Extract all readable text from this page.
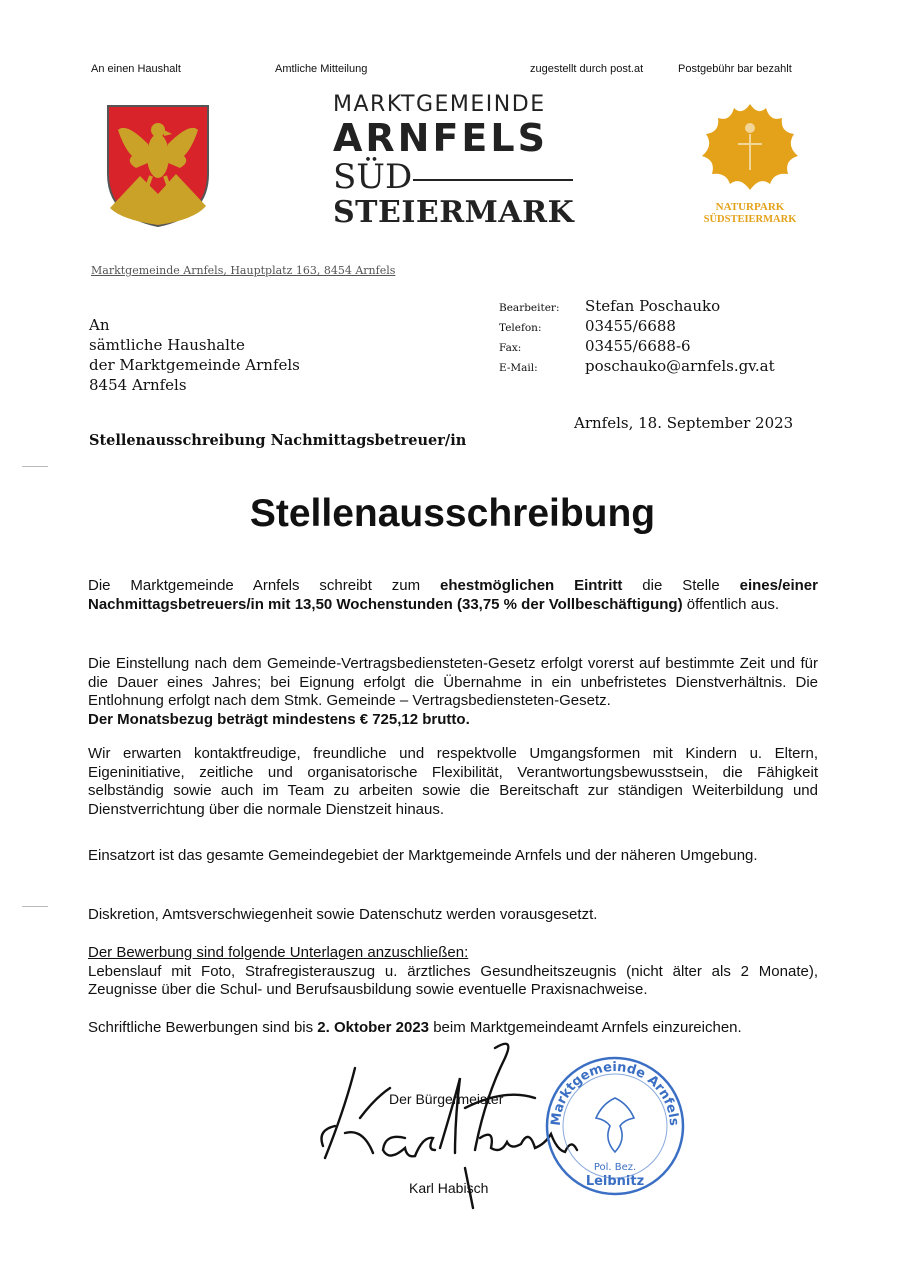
An einen Haushalt	Amtliche Mitteilung	zugestellt durch post.at	Postgebühr bar bezahlt
MARKTGEMEINDE
ARNFELS
SÜD
STEIERMARK	NATURPARK
SÜDSTEIERMARK
Marktgemeinde Arnfels, Hauptplatz 163, 8454 Arnfels
An
sämtliche Haushalte
der Marktgemeinde Arnfels
8454 Arnfels
Bearbeiter:	Stefan Poschauko
Telefon:	03455/6688
Fax:	03455/6688-6
E-Mail:	poschauko@arnfels.gv.at
Arnfels, 18. September 2023
Stellenausschreibung Nachmittagsbetreuer/in
Stellenausschreibung
Die Marktgemeinde Arnfels schreibt zum ehestmöglichen Eintritt die Stelle eines/einer Nachmittagsbetreuers/in mit 13,50 Wochenstunden (33,75 % der Vollbeschäftigung) öffentlich aus.
Die Einstellung nach dem Gemeinde-Vertragsbediensteten-Gesetz erfolgt vorerst auf bestimmte Zeit und für die Dauer eines Jahres; bei Eignung erfolgt die Übernahme in ein unbefristetes Dienstverhältnis. Die Entlohnung erfolgt nach dem Stmk. Gemeinde – Vertragsbediensteten-Gesetz.
Der Monatsbezug beträgt mindestens € 725,12 brutto.
Wir erwarten kontaktfreudige, freundliche und respektvolle Umgangsformen mit Kindern u. Eltern, Eigeninitiative, zeitliche und organisatorische Flexibilität, Verantwortungsbewusstsein, die Fähigkeit selbständig sowie auch im Team zu arbeiten sowie die Bereitschaft zur ständigen Weiterbildung und Dienstverrichtung über die normale Dienstzeit hinaus.
Einsatzort ist das gesamte Gemeindegebiet der Marktgemeinde Arnfels und der näheren Umgebung.
Diskretion, Amtsverschwiegenheit sowie Datenschutz werden vorausgesetzt.
Der Bewerbung sind folgende Unterlagen anzuschließen:
Lebenslauf mit Foto, Strafregisterauszug u. ärztliches Gesundheitszeugnis (nicht älter als 2 Monate), Zeugnisse über die Schul- und Berufsausbildung sowie eventuelle Praxisnachweise.
Schriftliche Bewerbungen sind bis 2. Oktober 2023 beim Marktgemeindeamt Arnfels einzureichen.
Der Bürgermeister
Karl Habisch
Marktgemeinde Arnfels
Pol. Bez.
Leibnitz
